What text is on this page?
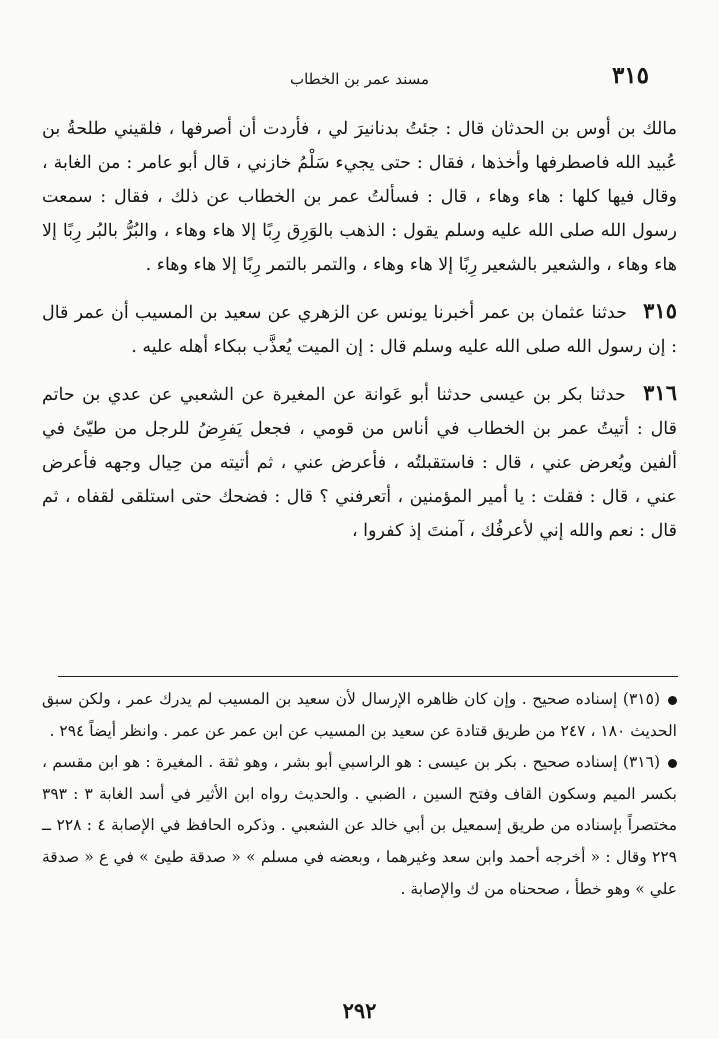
٣١٥
مسند عمر بن الخطاب

مالك بن أوس بن الحدثان قال : جئتُ بدنانيرَ لي ، فأردت أن أصرفها ، فلقيني طلحةُ بن عُبيد الله فاصطرفها وأخذها ، فقال : حتى يجيء سَلْمُ خازني ، قال أبو عامر : من الغابة ، وقال فيها كلها : هاء وهاء ، قال : فسألتُ عمر بن الخطاب عن ذلك ، فقال : سمعت رسول الله صلى الله عليه وسلم يقول : الذهب بالوَرِق رِبًا إلا هاء وهاء ، والبُرُّ بالبُر رِبًا إلا هاء وهاء ، والشعير بالشعير رِبًا إلا هاء وهاء ، والتمر بالتمر رِبًا إلا هاء وهاء .

٣١٥ حدثنا عثمان بن عمر أخبرنا يونس عن الزهري عن سعيد بن المسيب أن عمر قال : إن رسول الله صلى الله عليه وسلم قال : إن الميت يُعذَّب ببكاء أهله عليه .

٣١٦ حدثنا بكر بن عيسى حدثنا أبو عَوانة عن المغيرة عن الشعبي عن عدي بن حاتم قال : أتيتُ عمر بن الخطاب في أناس من قومي ، فجعل يَفرِضُ للرجل من طيّئ في ألفين ويُعرض عني ، قال : فاستقبلتُه ، فأعرض عني ، ثم أتيته من حِيال وجهه فأعرض عني ، قال : فقلت : يا أمير المؤمنين ، أتعرفني ؟ قال : فضحك حتى استلقى لقفاه ، ثم قال : نعم والله إني لأعرفُك ، آمنتَ إذ كفروا ،

(٣١٥) إسناده صحيح . وإن كان ظاهره الإرسال لأن سعيد بن المسيب لم يدرك عمر ، ولكن سبق الحديث ١٨٠ ، ٢٤٧ من طريق قتادة عن سعيد بن المسيب عن ابن عمر عن عمر . وانظر أيضاً ٢٩٤ .

(٣١٦) إسناده صحيح . بكر بن عيسى : هو الراسبي أبو بشر ، وهو ثقة . المغيرة : هو ابن مقسم ، بكسر الميم وسكون القاف وفتح السين ، الضبي . والحديث رواه ابن الأثير في أسد الغابة ٣ : ٣٩٣ مختصراً بإسناده من طريق إسمعيل بن أبي خالد عن الشعبي . وذكره الحافظ في الإصابة ٤ : ٢٢٨ ــ ٢٢٩ وقال : « أخرجه أحمد وابن سعد وغيرهما ، وبعضه في مسلم » « صدقة طيئ » في ع « صدقة علي » وهو خطأ ، صححناه من ك والإصابة .

٢٩٢
